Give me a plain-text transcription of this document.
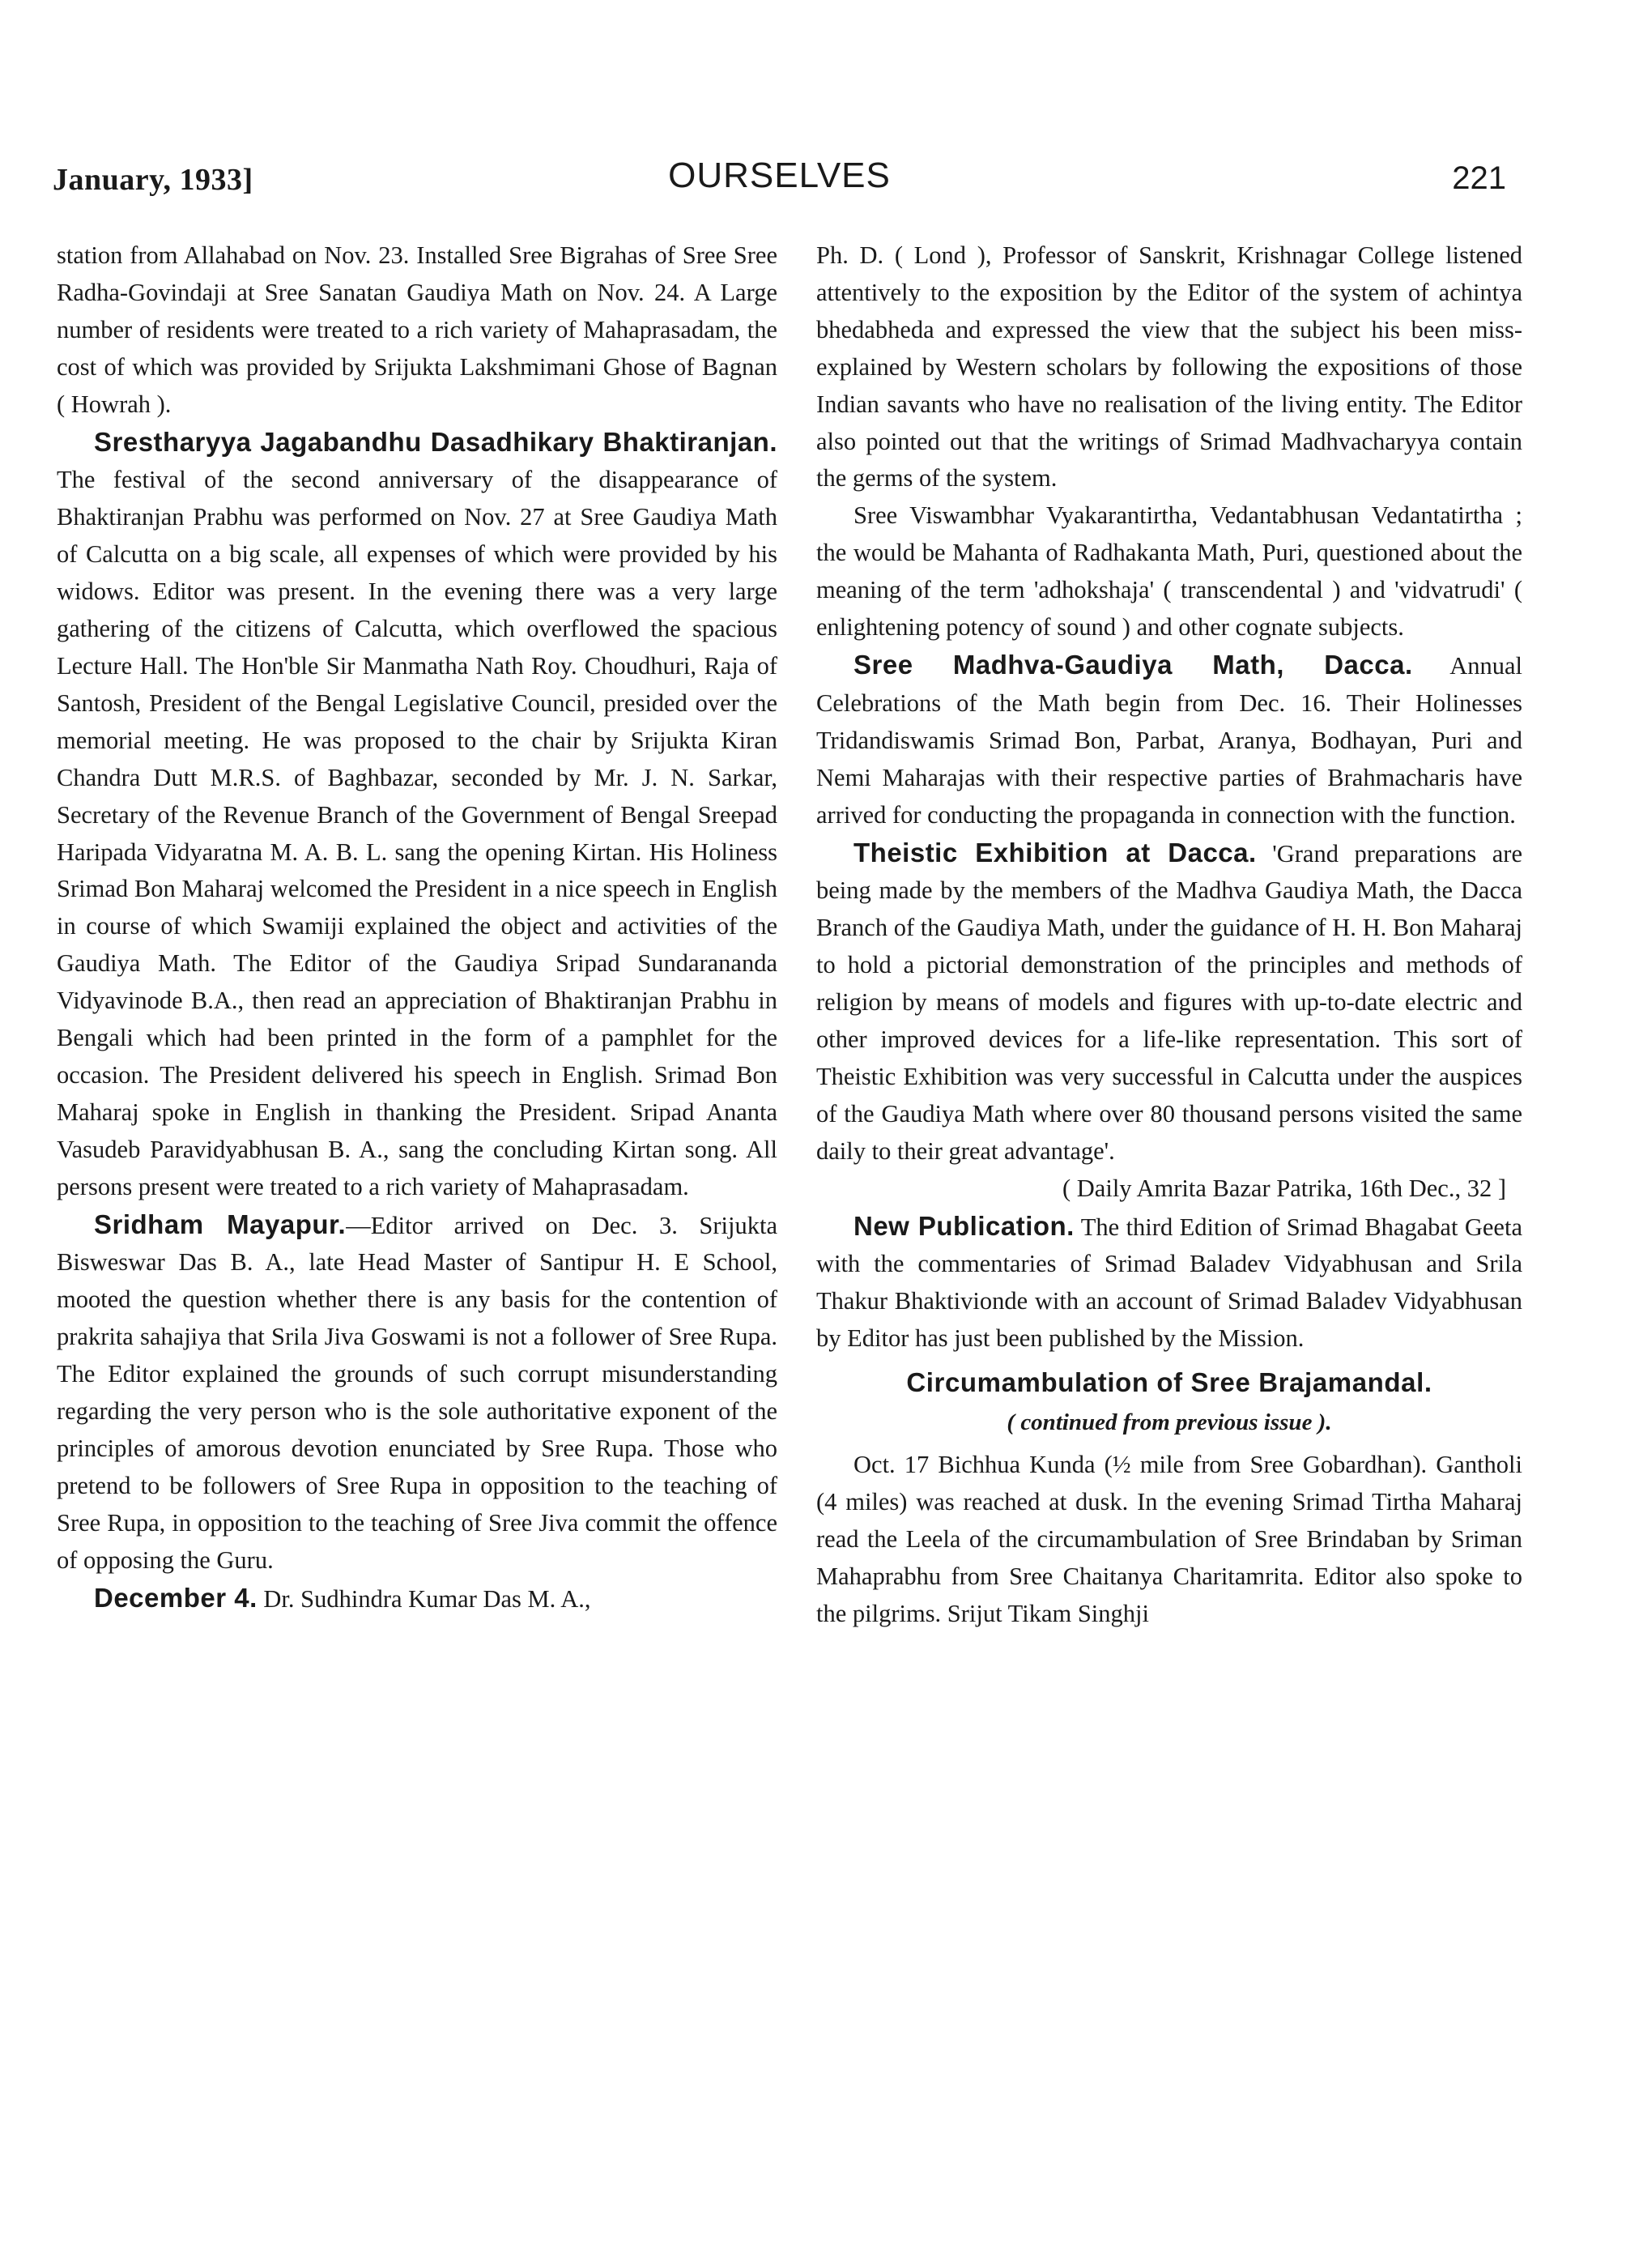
January, 1933]	OURSELVES	221

station from Allahabad on Nov. 23. Installed Sree Bigrahas of Sree Sree Radha-Govindaji at Sree Sanatan Gaudiya Math on Nov. 24. A Large number of residents were treated to a rich variety of Mahaprasadam, the cost of which was provided by Srijukta Lakshmimani Ghose of Bagnan ( Howrah ).

Srestharyya Jagabandhu Dasadhikary Bhaktiranjan. The festival of the second anniversary of the disappearance of Bhaktiranjan Prabhu was performed on Nov. 27 at Sree Gaudiya Math of Calcutta on a big scale, all expenses of which were provided by his widows. Editor was present. In the evening there was a very large gathering of the citizens of Calcutta, which overflowed the spacious Lecture Hall. The Hon'ble Sir Manmatha Nath Roy. Choudhuri, Raja of Santosh, President of the Bengal Legislative Council, presided over the memorial meeting. He was proposed to the chair by Srijukta Kiran Chandra Dutt M.R.S. of Baghbazar, seconded by Mr. J. N. Sarkar, Secretary of the Revenue Branch of the Government of Bengal Sreepad Haripada Vidyaratna M. A. B. L. sang the opening Kirtan. His Holiness Srimad Bon Maharaj welcomed the President in a nice speech in English in course of which Swamiji explained the object and activities of the Gaudiya Math. The Editor of the Gaudiya Sripad Sundarananda Vidyavinode B.A., then read an appreciation of Bhaktiranjan Prabhu in Bengali which had been printed in the form of a pamphlet for the occasion. The President delivered his speech in English. Srimad Bon Maharaj spoke in English in thanking the President. Sripad Ananta Vasudeb Paravidyabhusan B. A., sang the concluding Kirtan song. All persons present were treated to a rich variety of Mahaprasadam.

Sridham Mayapur.—Editor arrived on Dec. 3. Srijukta Bisweswar Das B. A., late Head Master of Santipur H. E School, mooted the question whether there is any basis for the contention of prakrita sahajiya that Srila Jiva Goswami is not a follower of Sree Rupa. The Editor explained the grounds of such corrupt misunderstanding regarding the very person who is the sole authoritative exponent of the principles of amorous devotion enunciated by Sree Rupa. Those who pretend to be followers of Sree Rupa in opposition to the teaching of Sree Rupa, in opposition to the teaching of Sree Jiva commit the offence of opposing the Guru.

December 4. Dr. Sudhindra Kumar Das M. A.,

Ph. D. ( Lond ), Professor of Sanskrit, Krishnagar College listened attentively to the exposition by the Editor of the system of achintya bhedabheda and expressed the view that the subject his been miss-explained by Western scholars by following the expositions of those Indian savants who have no realisation of the living entity. The Editor also pointed out that the writings of Srimad Madhvacharyya contain the germs of the system.

Sree Viswambhar Vyakarantirtha, Vedantabhusan Vedantatirtha ; the would be Mahanta of Radhakanta Math, Puri, questioned about the meaning of the term 'adhokshaja' ( transcendental ) and 'vidvatrudi' ( enlightening potency of sound ) and other cognate subjects.

Sree Madhva-Gaudiya Math, Dacca. Annual Celebrations of the Math begin from Dec. 16. Their Holinesses Tridandiswamis Srimad Bon, Parbat, Aranya, Bodhayan, Puri and Nemi Maharajas with their respective parties of Brahmacharis have arrived for conducting the propaganda in connection with the function.

Theistic Exhibition at Dacca. 'Grand preparations are being made by the members of the Madhva Gaudiya Math, the Dacca Branch of the Gaudiya Math, under the guidance of H. H. Bon Maharaj to hold a pictorial demonstration of the principles and methods of religion by means of models and figures with up-to-date electric and other improved devices for a life-like representation. This sort of Theistic Exhibition was very successful in Calcutta under the auspices of the Gaudiya Math where over 80 thousand persons visited the same daily to their great advantage'.

( Daily Amrita Bazar Patrika, 16th Dec., 32 ]

New Publication. The third Edition of Srimad Bhagabat Geeta with the commentaries of Srimad Baladev Vidyabhusan and Srila Thakur Bhaktivionde with an account of Srimad Baladev Vidyabhusan by Editor has just been published by the Mission.

Circumambulation of Sree Brajamandal.

( continued from previous issue ).

Oct. 17 Bichhua Kunda (½ mile from Sree Gobardhan). Gantholi (4 miles) was reached at dusk. In the evening Srimad Tirtha Maharaj read the Leela of the circumambulation of Sree Brindaban by Sriman Mahaprabhu from Sree Chaitanya Charitamrita. Editor also spoke to the pilgrims. Srijut Tikam Singhji
